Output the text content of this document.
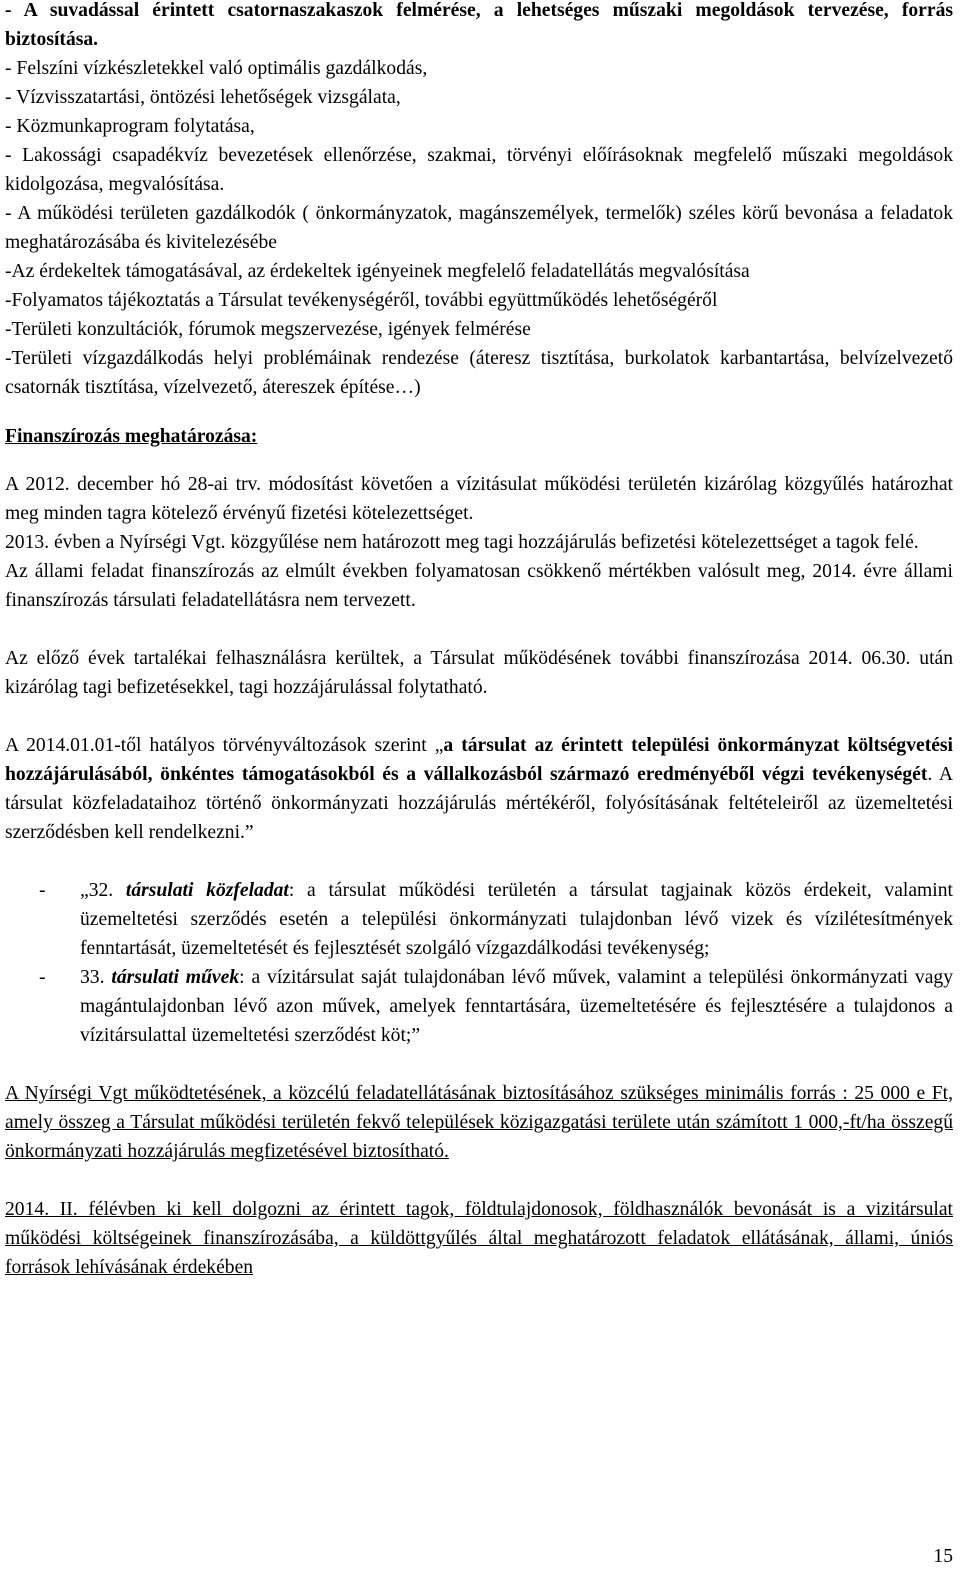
- A suvadással érintett csatornaszakaszok felmérése, a lehetséges műszaki megoldások tervezése, forrás biztosítása.

- Felszíni vízkészletekkel való optimális gazdálkodás,

- Vízvisszatartási, öntözési lehetőségek vizsgálata,

- Közmunkaprogram folytatása,

- Lakossági csapadékvíz bevezetések ellenőrzése, szakmai, törvényi előírásoknak megfelelő műszaki megoldások kidolgozása, megvalósítása.

- A működési területen gazdálkodók ( önkormányzatok, magánszemélyek, termelők) széles körű bevonása a feladatok meghatározásába és kivitelezésébe

-Az érdekeltek támogatásával, az érdekeltek igényeinek megfelelő feladatellátás megvalósítása

-Folyamatos tájékoztatás a Társulat tevékenységéről, további együttműködés lehetőségéről

-Területi konzultációk, fórumok megszervezése, igények felmérése

-Területi vízgazdálkodás helyi problémáinak rendezése (áteresz tisztítása, burkolatok karbantartása, belvízelvezető csatornák tisztítása, vízelvezető, átereszek építése…)

Finanszírozás meghatározása:

A 2012. december hó 28-ai trv. módosítást követően a vízitásulat működési területén kizárólag közgyűlés határozhat meg minden tagra kötelező érvényű fizetési kötelezettséget.

2013. évben a Nyírségi Vgt. közgyűlése nem határozott meg tagi hozzájárulás befizetési kötelezettséget a tagok felé.

Az állami feladat finanszírozás az elmúlt években folyamatosan csökkenő mértékben valósult meg, 2014. évre állami finanszírozás társulati feladatellátásra nem tervezett.

Az előző évek tartalékai felhasználásra kerültek, a Társulat működésének további finanszírozása 2014. 06.30. után kizárólag tagi befizetésekkel, tagi hozzájárulással folytatható.

A 2014.01.01-től hatályos törvényváltozások szerint „a társulat az érintett települési önkormányzat költségvetési hozzájárulásából, önkéntes támogatásokból és a vállalkozásból származó eredményéből végzi tevékenységét. A társulat közfeladataihoz történő önkormányzati hozzájárulás mértékéről, folyósításának feltételeiről az üzemeltetési szerződésben kell rendelkezni.”

- „32. társulati közfeladat: a társulat működési területén a társulat tagjainak közös érdekeit, valamint üzemeltetési szerződés esetén a települési önkormányzati tulajdonban lévő vizek és vízilétesítmények fenntartását, üzemeltetését és fejlesztését szolgáló vízgazdálkodási tevékenység;
- 33. társulati művek: a vízitársulat saját tulajdonában lévő művek, valamint a települési önkormányzati vagy magántulajdonban lévő azon művek, amelyek fenntartására, üzemeltetésére és fejlesztésére a tulajdonos a vízitársulattal üzemeltetési szerződést köt;”

A Nyírségi Vgt működtetésének, a közcélú feladatellátásának biztosításához szükséges minimális forrás : 25 000 e Ft, amely összeg a Társulat működési területén fekvő települések közigazgatási területe után számított 1 000,-ft/ha összegű önkormányzati hozzájárulás megfizetésével biztosítható.

2014. II. félévben ki kell dolgozni az érintett tagok, földtulajdonosok, földhasználók bevonását is a vizitársulat működési költségeinek finanszírozásába, a küldöttgyűlés által meghatározott feladatok ellátásának, állami, úniós források lehívásának érdekében

15
